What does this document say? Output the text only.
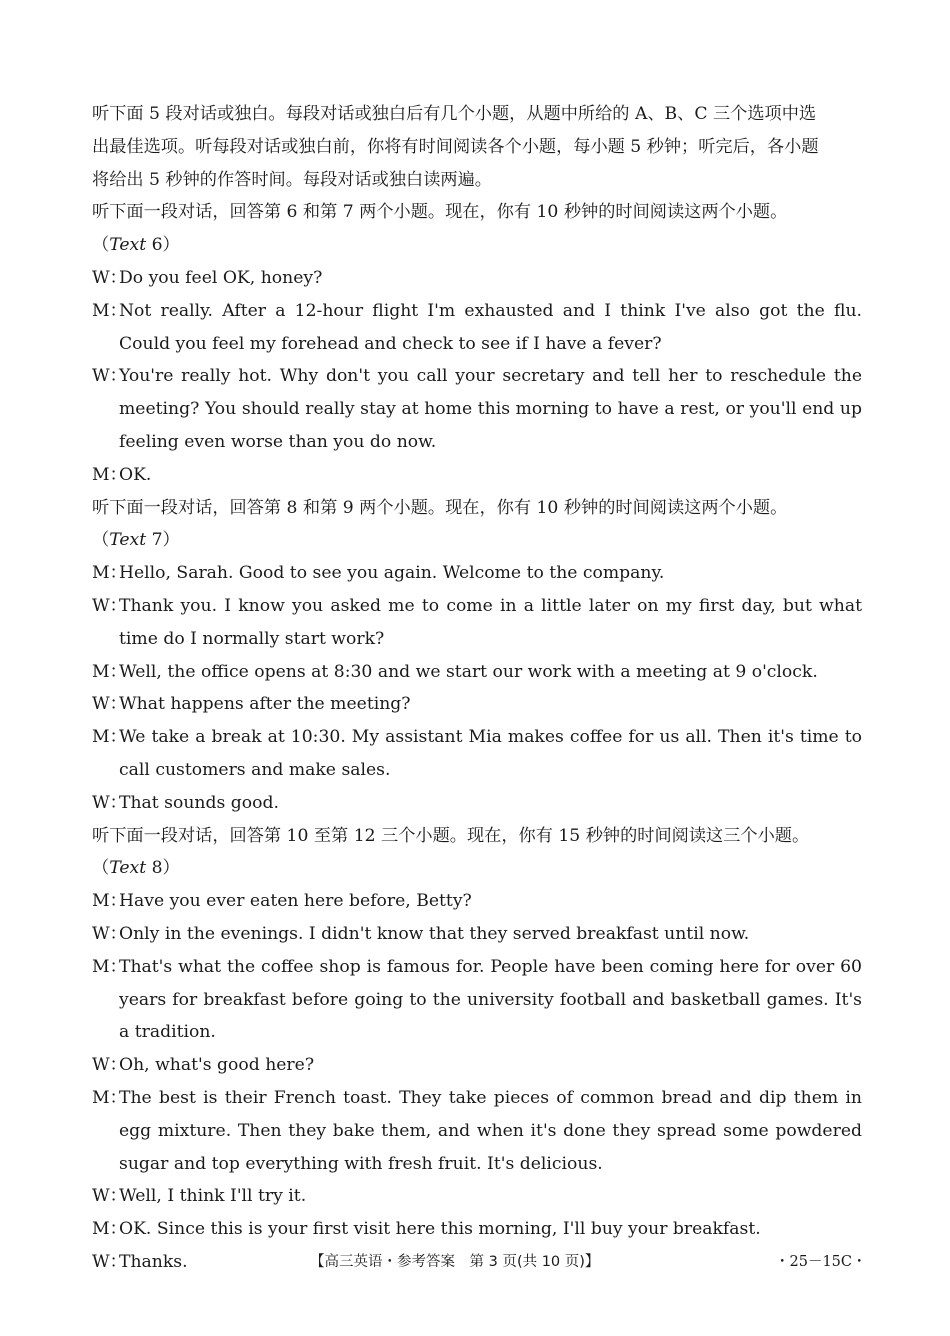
听下面 5 段对话或独白。每段对话或独白后有几个小题，从题中所给的 A、B、C 三个选项中选
出最佳选项。听每段对话或独白前，你将有时间阅读各个小题，每小题 5 秒钟；听完后，各小题
将给出 5 秒钟的作答时间。每段对话或独白读两遍。
听下面一段对话，回答第 6 和第 7 两个小题。现在，你有 10 秒钟的时间阅读这两个小题。
（Text 6）
W：
Do you feel OK, honey?
M：
Not really. After a 12-hour flight I'm exhausted and I think I've also got the flu. Could you feel my forehead and check to see if I have a fever?
W：
You're really hot. Why don't you call your secretary and tell her to reschedule the meeting? You should really stay at home this morning to have a rest, or you'll end up feeling even worse than you do now.
M：
OK.
听下面一段对话，回答第 8 和第 9 两个小题。现在，你有 10 秒钟的时间阅读这两个小题。
（Text 7）
M：
Hello, Sarah. Good to see you again. Welcome to the company.
W：
Thank you. I know you asked me to come in a little later on my first day, but what time do I normally start work?
M：
Well, the office opens at 8:30 and we start our work with a meeting at 9 o'clock.
W：
What happens after the meeting?
M：
We take a break at 10:30. My assistant Mia makes coffee for us all. Then it's time to call customers and make sales.
W：
That sounds good.
听下面一段对话，回答第 10 至第 12 三个小题。现在，你有 15 秒钟的时间阅读这三个小题。
（Text 8）
M：
Have you ever eaten here before, Betty?
W：
Only in the evenings. I didn't know that they served breakfast until now.
M：
That's what the coffee shop is famous for. People have been coming here for over 60 years for breakfast before going to the university football and basketball games. It's a tradition.
W：
Oh, what's good here?
M：
The best is their French toast. They take pieces of common bread and dip them in egg mixture. Then they bake them, and when it's done they spread some powdered sugar and top everything with fresh fruit. It's delicious.
W：
Well, I think I'll try it.
M：
OK. Since this is your first visit here this morning, I'll buy your breakfast.
W：
Thanks.	【高三英语・参考答案　第 3 页(共 10 页)】	・25－15C・
